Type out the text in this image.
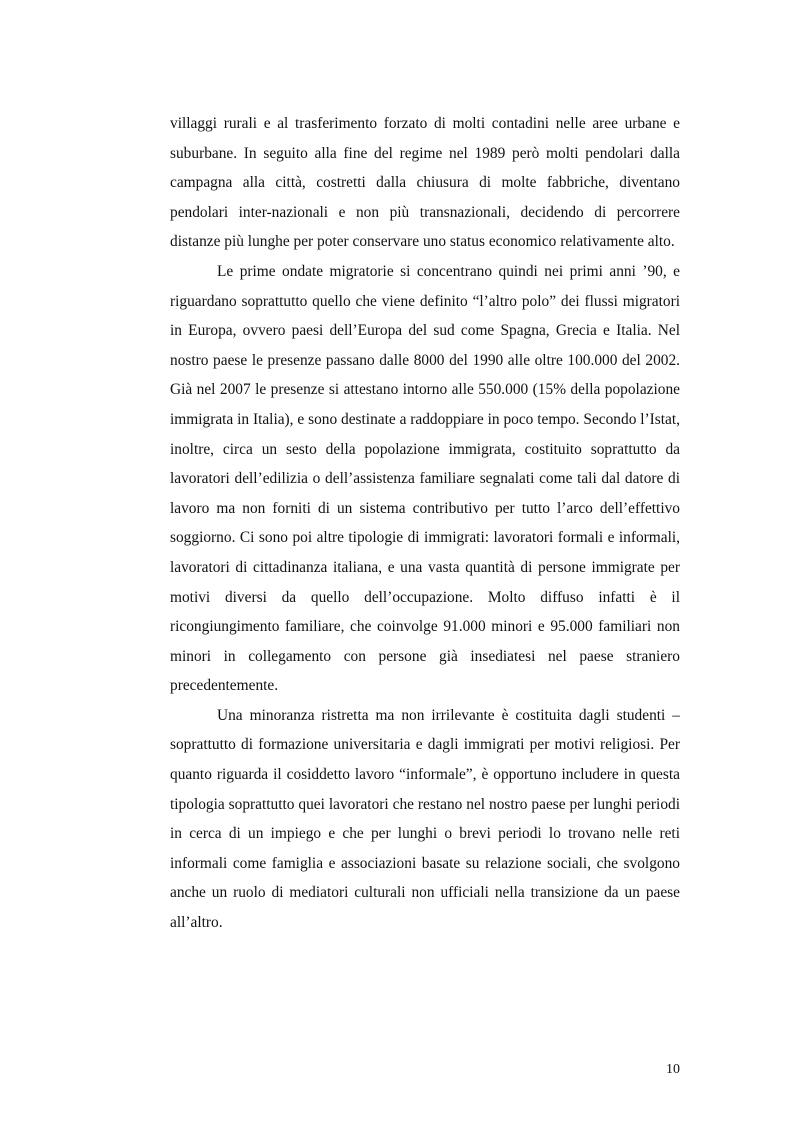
villaggi rurali e al trasferimento forzato di molti contadini nelle aree urbane e suburbane. In seguito alla fine del regime nel 1989 però molti pendolari dalla campagna alla città, costretti dalla chiusura di molte fabbriche, diventano pendolari inter-nazionali e non più transnazionali, decidendo di percorrere distanze più lunghe per poter conservare uno status economico relativamente alto.

Le prime ondate migratorie si concentrano quindi nei primi anni ’90, e riguardano soprattutto quello che viene definito “l’altro polo” dei flussi migratori in Europa, ovvero paesi dell’Europa del sud come Spagna, Grecia e Italia. Nel nostro paese le presenze passano dalle 8000 del 1990 alle oltre 100.000 del 2002. Già nel 2007 le presenze si attestano intorno alle 550.000 (15% della popolazione immigrata in Italia), e sono destinate a raddoppiare in poco tempo. Secondo l’Istat, inoltre, circa un sesto della popolazione immigrata, costituito soprattutto da lavoratori dell’edilizia o dell’assistenza familiare segnalati come tali dal datore di lavoro ma non forniti di un sistema contributivo per tutto l’arco dell’effettivo soggiorno. Ci sono poi altre tipologie di immigrati: lavoratori formali e informali, lavoratori di cittadinanza italiana, e una vasta quantità di persone immigrate per motivi diversi da quello dell’occupazione. Molto diffuso infatti è il ricongiungimento familiare, che coinvolge 91.000 minori e 95.000 familiari non minori in collegamento con persone già insediatesi nel paese straniero precedentemente.

Una minoranza ristretta ma non irrilevante è costituita dagli studenti – soprattutto di formazione universitaria e dagli immigrati per motivi religiosi. Per quanto riguarda il cosiddetto lavoro “informale”, è opportuno includere in questa tipologia soprattutto quei lavoratori che restano nel nostro paese per lunghi periodi in cerca di un impiego e che per lunghi o brevi periodi lo trovano nelle reti informali come famiglia e associazioni basate su relazione sociali, che svolgono anche un ruolo di mediatori culturali non ufficiali nella transizione da un paese all’altro.

10
